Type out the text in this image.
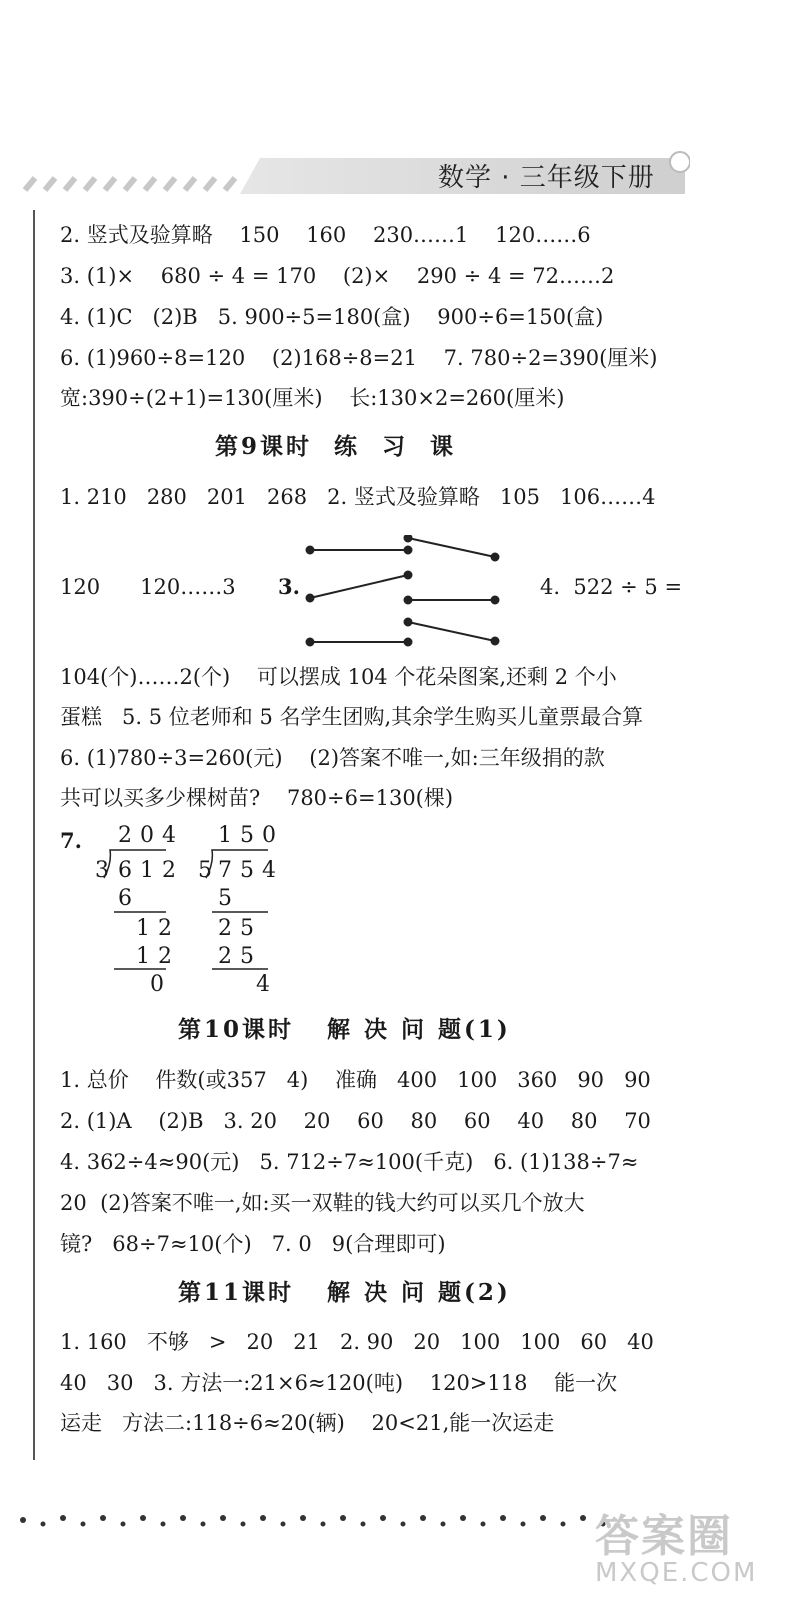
数学 · 三年级下册
2. 竖式及验算略    150    160    230……1    120……6
3. (1)×    680 ÷ 4 = 170    (2)×    290 ÷ 4 = 72……2
4. (1)C   (2)B   5. 900÷5=180(盒)    900÷6=150(盒)
6. (1)960÷8=120    (2)168÷8=21    7. 780÷2=390(厘米)
宽:390÷(2+1)=130(厘米)    长:130×2=260(厘米)
第9课时  练  习  课
1. 210   280   201   268   2. 竖式及验算略   105   106……4
120      120……3 3.	4.  522 ÷ 5 =
104(个)……2(个)    可以摆成 104 个花朵图案,还剩 2 个小
蛋糕   5. 5 位老师和 5 名学生团购,其余学生购买儿童票最合算
6. (1)780÷3=260(元)    (2)答案不唯一,如:三年级捐的款
共可以买多少棵树苗?    780÷6=130(棵)
7. 204
3 612
6
12
12
0
150
5
754
5
25
25
4
第10课时   解 决 问 题(1)
1. 总价    件数(或357   4)    准确   400   100   360   90   90
2. (1)A    (2)B   3. 20    20    60    80    60    40    80    70
4. 362÷4≈90(元)   5. 712÷7≈100(千克)   6. (1)138÷7≈
20  (2)答案不唯一,如:买一双鞋的钱大约可以买几个放大
镜?   68÷7≈10(个)   7. 0   9(合理即可)
第11课时   解 决 问 题(2)
1. 160   不够   >   20   21   2. 90   20   100   100   60   40
40   30   3. 方法一:21×6≈120(吨)    120>118    能一次
运走   方法二:118÷6≈20(辆)    20<21,能一次运走
答案圈
MXQE.COM
